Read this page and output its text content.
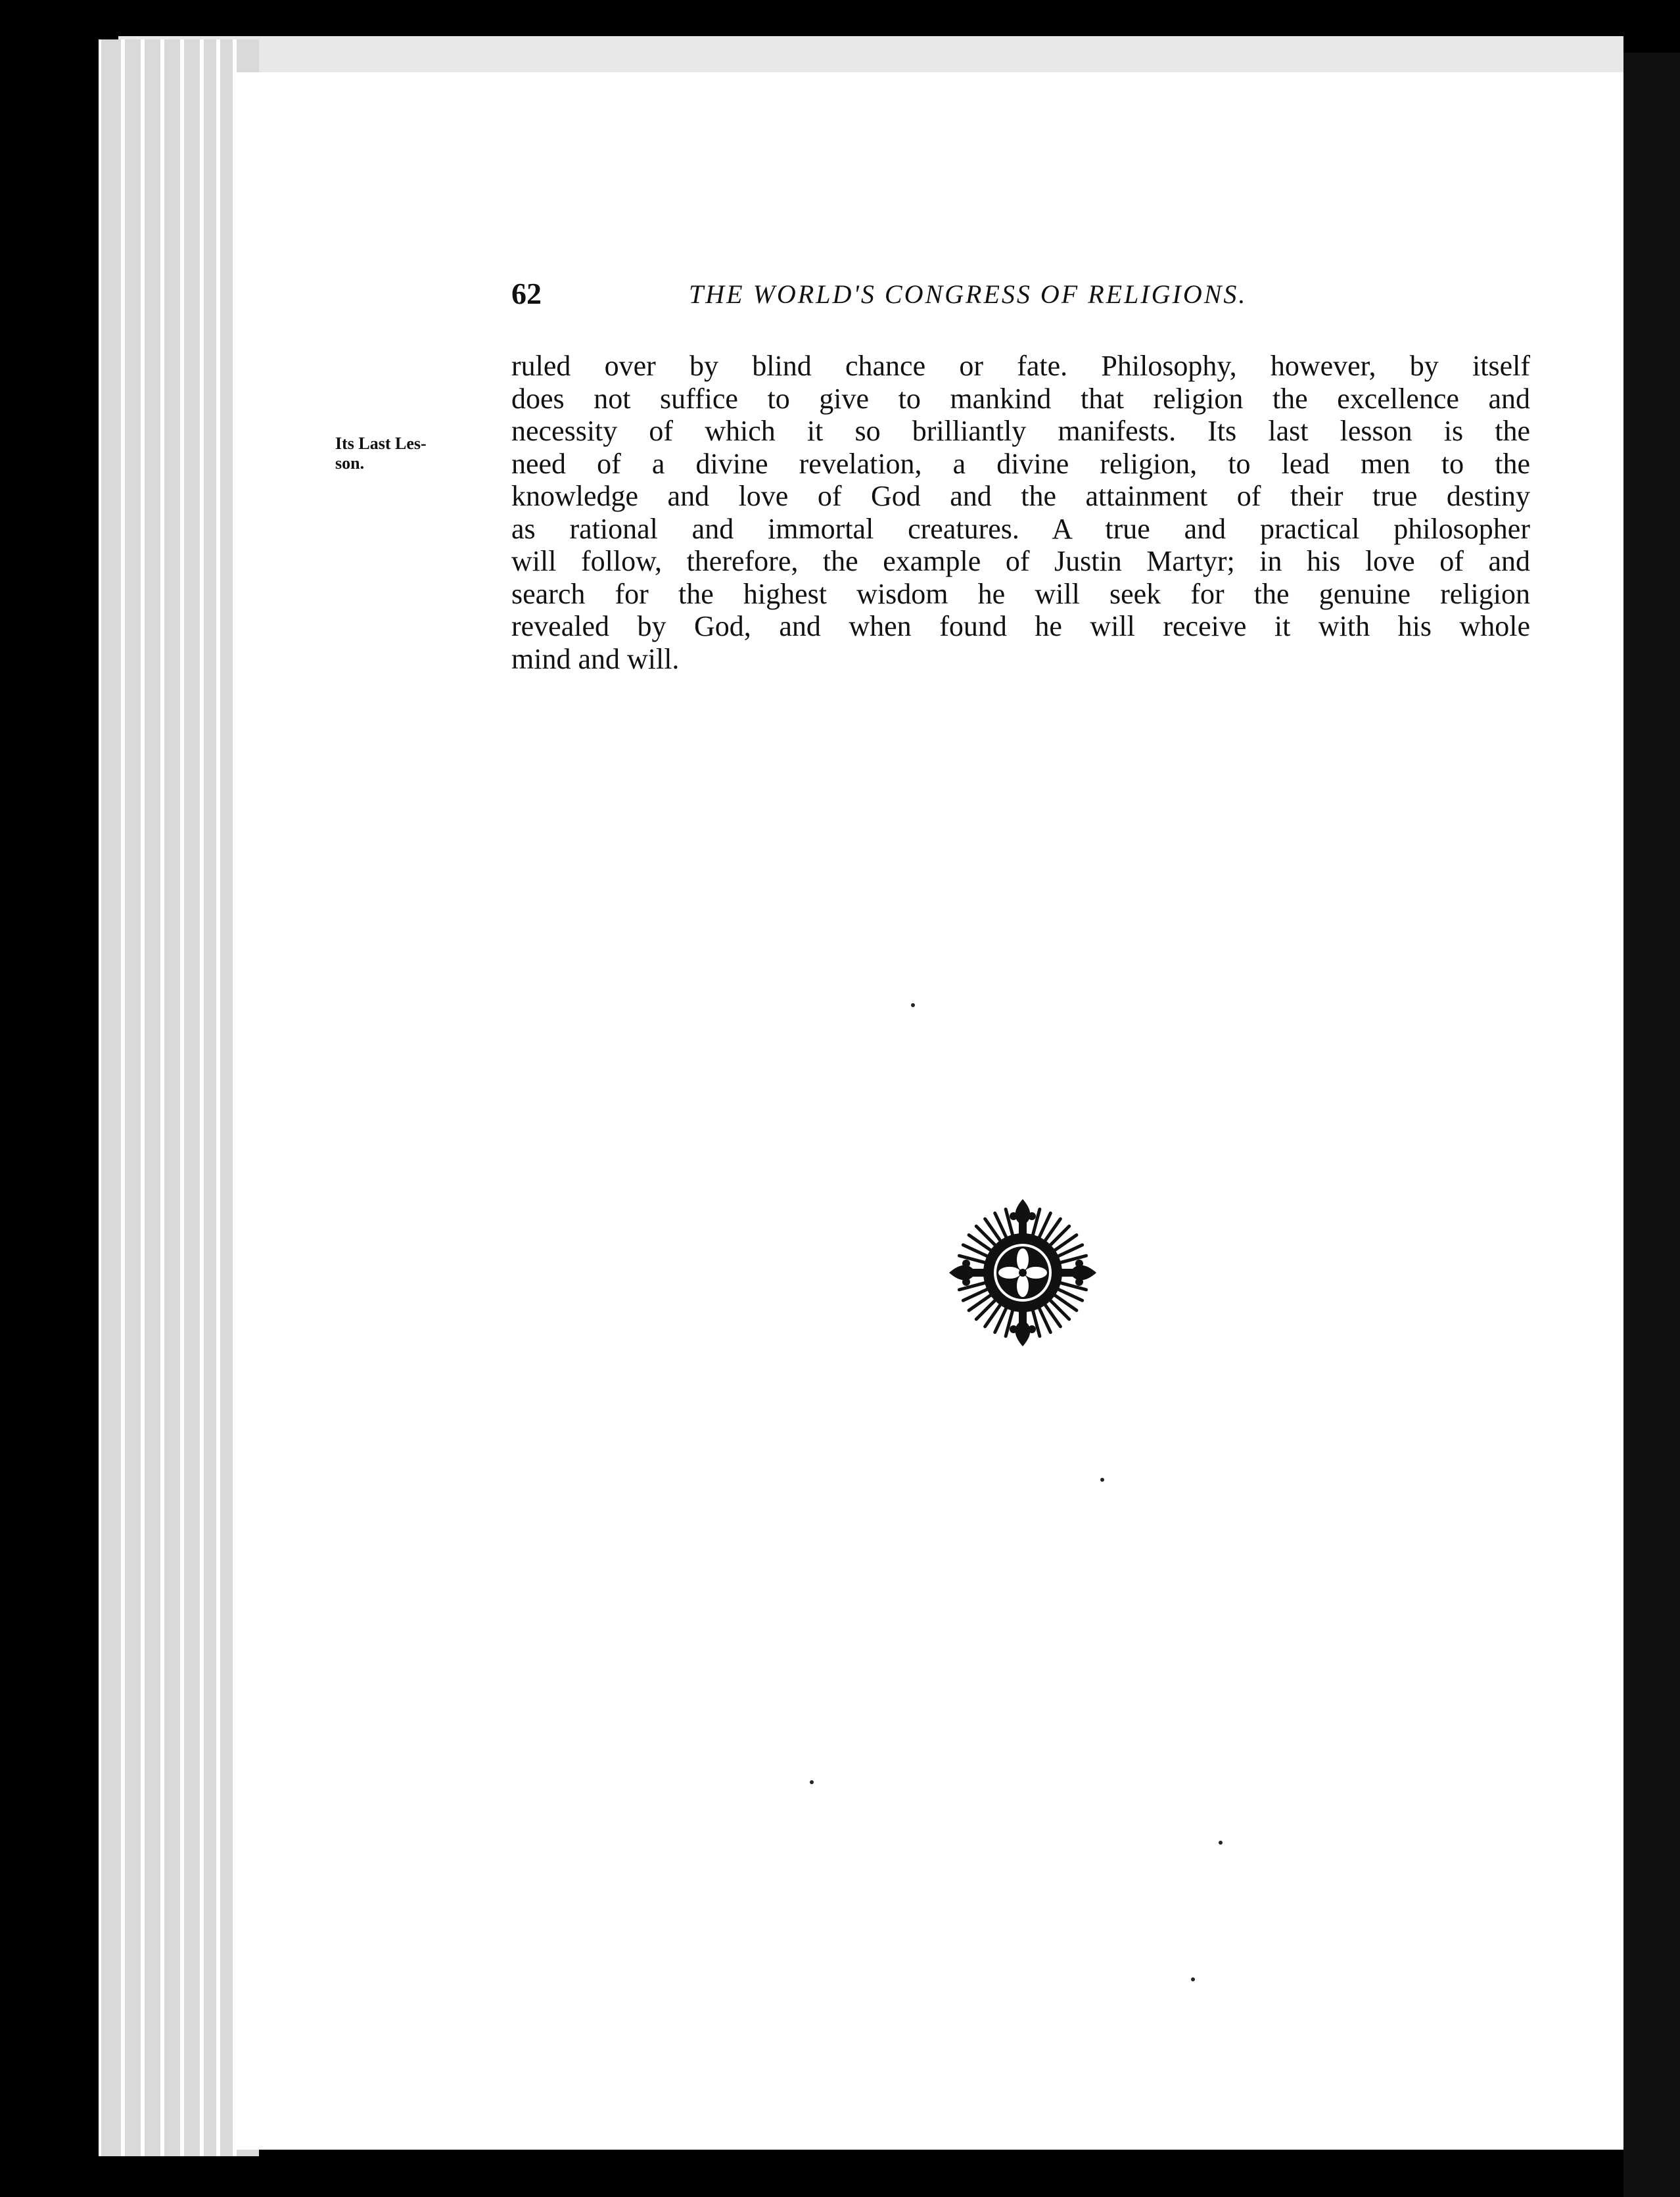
62	THE WORLD'S CONGRESS OF RELIGIONS.
Its Last Les-
son.
ruled over by blind chance or fate. Philosophy, however, by itself
does not suffice to give to mankind that religion the excellence and
necessity of which it so brilliantly manifests. Its last lesson is the
need of a divine revelation, a divine religion, to lead men to the
knowledge and love of God and the attainment of their true destiny
as rational and immortal creatures. A true and practical philosopher
will follow, therefore, the example of Justin Martyr; in his love of and
search for the highest wisdom he will seek for the genuine religion
revealed by God, and when found he will receive it with his whole
mind and will.
